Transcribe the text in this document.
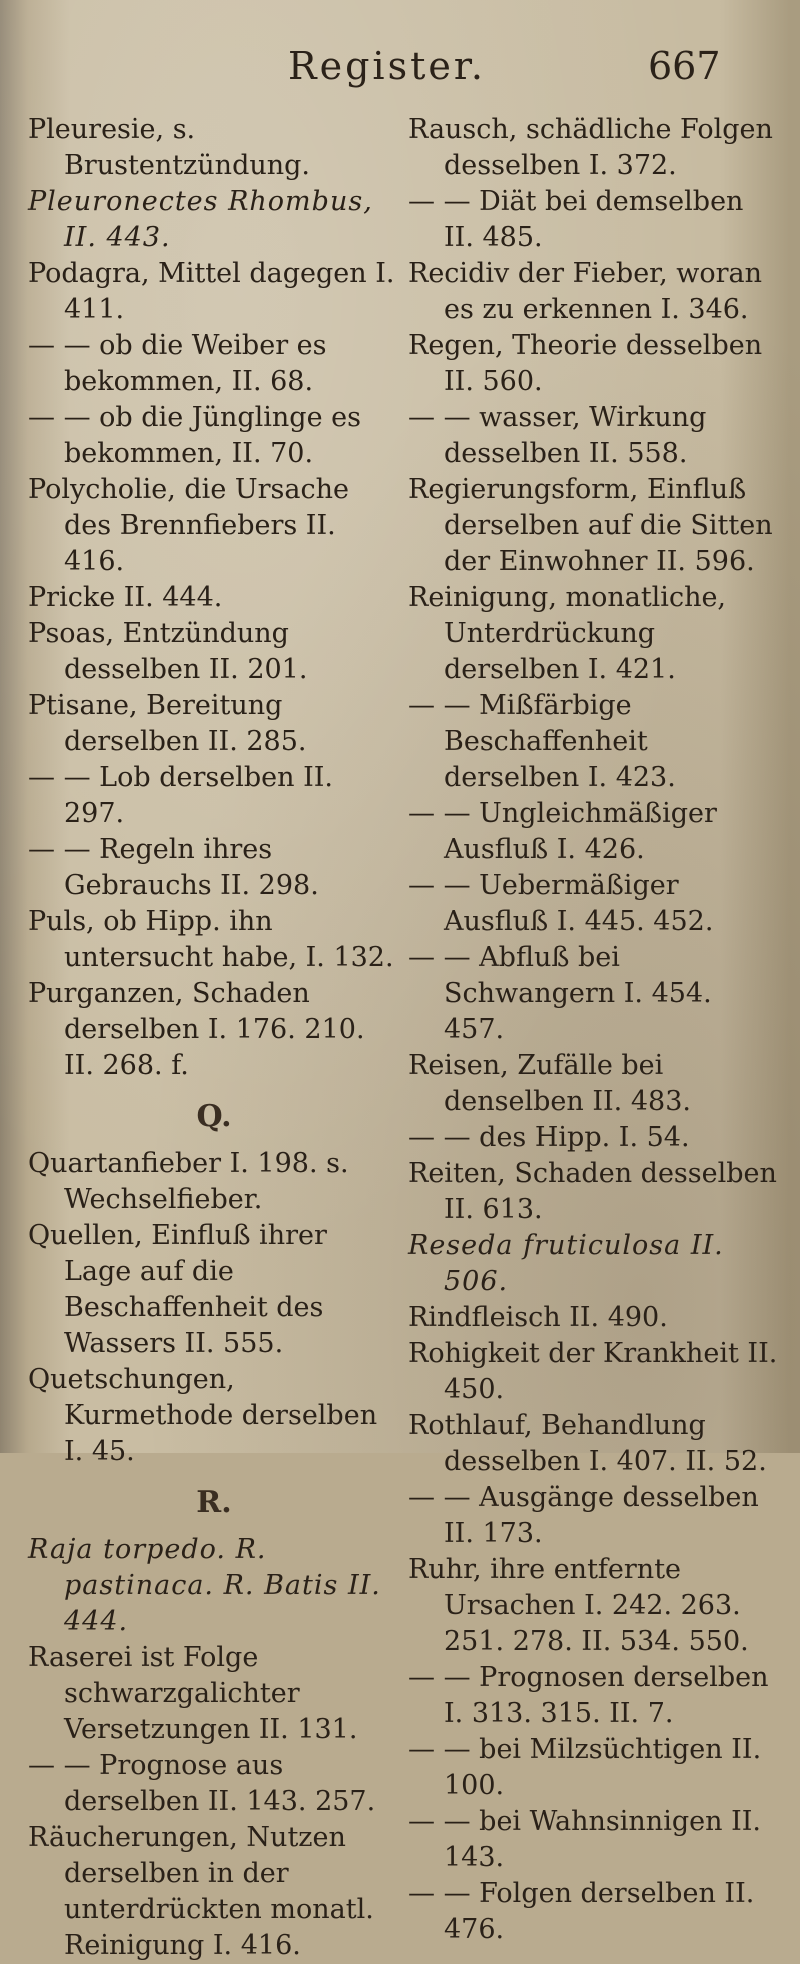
Register.	667

Pleuresie, s. Brustentzündung.

Pleuronectes Rhombus, II. 443.

Podagra, Mittel dagegen I. 411.

— — ob die Weiber es bekommen, II. 68.

— — ob die Jünglinge es bekommen, II. 70.

Polycholie, die Ursache des Brennfiebers II. 416.

Pricke II. 444.

Psoas, Entzündung desselben II. 201.

Ptisane, Bereitung derselben II. 285.

— — Lob derselben II. 297.

— — Regeln ihres Gebrauchs II. 298.

Puls, ob Hipp. ihn untersucht habe, I. 132.

Purganzen, Schaden derselben I. 176. 210. II. 268. f.

Q.

Quartanfieber I. 198. s. Wechselfieber.

Quellen, Einfluß ihrer Lage auf die Beschaffenheit des Wassers II. 555.

Quetschungen, Kurmethode derselben I. 45.

R.

Raja torpedo. R. pastinaca. R. Batis II. 444.

Raserei ist Folge schwarzgalichter Versetzungen II. 131.

— — Prognose aus derselben II. 143. 257.

Räucherungen, Nutzen derselben in der unterdrückten monatl. Reinigung I. 416.

Rausch, schädliche Folgen desselben I. 372.

— — Diät bei demselben II. 485.

Recidiv der Fieber, woran es zu erkennen I. 346.

Regen, Theorie desselben II. 560.

— — wasser, Wirkung desselben II. 558.

Regierungsform, Einfluß derselben auf die Sitten der Einwohner II. 596.

Reinigung, monatliche, Unterdrückung derselben I. 421.

— — Mißfärbige Beschaffenheit derselben I. 423.

— — Ungleichmäßiger Ausfluß I. 426.

— — Uebermäßiger Ausfluß I. 445. 452.

— — Abfluß bei Schwangern I. 454. 457.

Reisen, Zufälle bei denselben II. 483.

— — des Hipp. I. 54.

Reiten, Schaden desselben II. 613.

Reseda fruticulosa II. 506.

Rindfleisch II. 490.

Rohigkeit der Krankheit II. 450.

Rothlauf, Behandlung desselben I. 407. II. 52.

— — Ausgänge desselben II. 173.

Ruhr, ihre entfernte Ursachen I. 242. 263. 251. 278. II. 534. 550.

— — Prognosen derselben I. 313. 315. II. 7.

— — bei Milzsüchtigen II. 100.

— — bei Wahnsinnigen II. 143.

— — Folgen derselben II. 476.
